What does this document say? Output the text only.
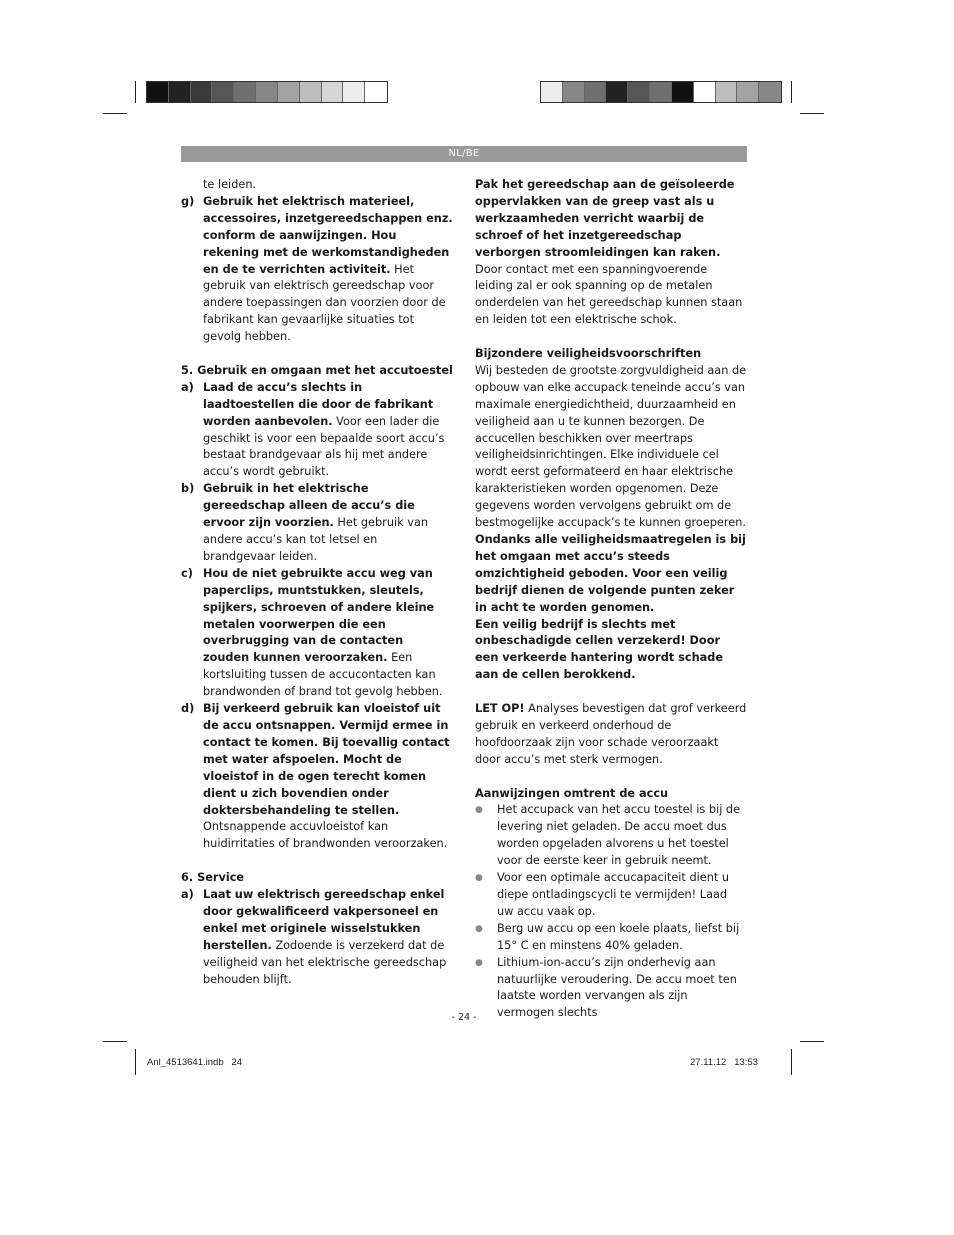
NL/BE

te leiden.

g) Gebruik het elektrisch materieel, accessoires, inzetgereedschappen enz. conform de aanwijzingen. Hou rekening met de werkomstandigheden en de te verrichten activiteit. Het gebruik van elektrisch gereedschap voor andere toepassingen dan voorzien door de fabrikant kan gevaarlijke situaties tot gevolg hebben.

5. Gebruik en omgaan met het accutoestel

a) Laad de accu’s slechts in laadtoestellen die door de fabrikant worden aanbevolen. Voor een lader die geschikt is voor een bepaalde soort accu’s bestaat brandgevaar als hij met andere accu’s wordt gebruikt.
b) Gebruik in het elektrische gereedschap alleen de accu’s die ervoor zijn voorzien. Het gebruik van andere accu’s kan tot letsel en brandgevaar leiden.
c) Hou de niet gebruikte accu weg van paperclips, muntstukken, sleutels, spijkers, schroeven of andere kleine metalen voorwerpen die een overbrugging van de contacten zouden kunnen veroorzaken. Een kortsluiting tussen de accucontacten kan brandwonden of brand tot gevolg hebben.
d) Bij verkeerd gebruik kan vloeistof uit de accu ontsnappen. Vermijd ermee in contact te komen. Bij toevallig contact met water afspoelen. Mocht de vloeistof in de ogen terecht komen dient u zich bovendien onder doktersbehandeling te stellen. Ontsnappende accuvloeistof kan huidirritaties of brandwonden veroorzaken.

6. Service

a) Laat uw elektrisch gereedschap enkel door gekwalificeerd vakpersoneel en enkel met originele wisselstukken herstellen. Zodoende is verzekerd dat de veiligheid van het elektrische gereedschap behouden blijft.

Pak het gereedschap aan de geïsoleerde oppervlakken van de greep vast als u werkzaamheden verricht waarbij de schroef of het inzetgereedschap verborgen stroomleidingen kan raken. Door contact met een spanningvoerende leiding zal er ook spanning op de metalen onderdelen van het gereedschap kunnen staan en leiden tot een elektrische schok.

Bijzondere veiligheidsvoorschriften

Wij besteden de grootste zorgvuldigheid aan de opbouw van elke accupack teneinde accu’s van maximale energiedichtheid, duurzaamheid en veiligheid aan u te kunnen bezorgen. De accucellen beschikken over meertraps veiligheidsinrichtingen. Elke individuele cel wordt eerst geformateerd en haar elektrische karakteristieken worden opgenomen. Deze gegevens worden vervolgens gebruikt om de bestmogelijke accupack’s te kunnen groeperen. Ondanks alle veiligheidsmaatregelen is bij het omgaan met accu’s steeds omzichtigheid geboden. Voor een veilig bedrijf dienen de volgende punten zeker in acht te worden genomen.

Een veilig bedrijf is slechts met onbeschadigde cellen verzekerd! Door een verkeerde hantering wordt schade aan de cellen berokkend.

LET OP! Analyses bevestigen dat grof verkeerd gebruik en verkeerd onderhoud de hoofdoorzaak zijn voor schade veroorzaakt door accu’s met sterk vermogen.

Aanwijzingen omtrent de accu

●	Het accupack van het accu toestel is bij de levering niet geladen. De accu moet dus worden opgeladen alvorens u het toestel voor de eerste keer in gebruik neemt.
●	Voor een optimale accucapaciteit dient u diepe ontladingscycli te vermijden! Laad uw accu vaak op.
●	Berg uw accu op een koele plaats, liefst bij 15° C en minstens 40% geladen.
●	Lithium-ion-accu’s zijn onderhevig aan natuurlijke veroudering. De accu moet ten laatste worden vervangen als zijn vermogen slechts
- 24 -
Anl_4513641.indb   24	27.11.12   13:53
